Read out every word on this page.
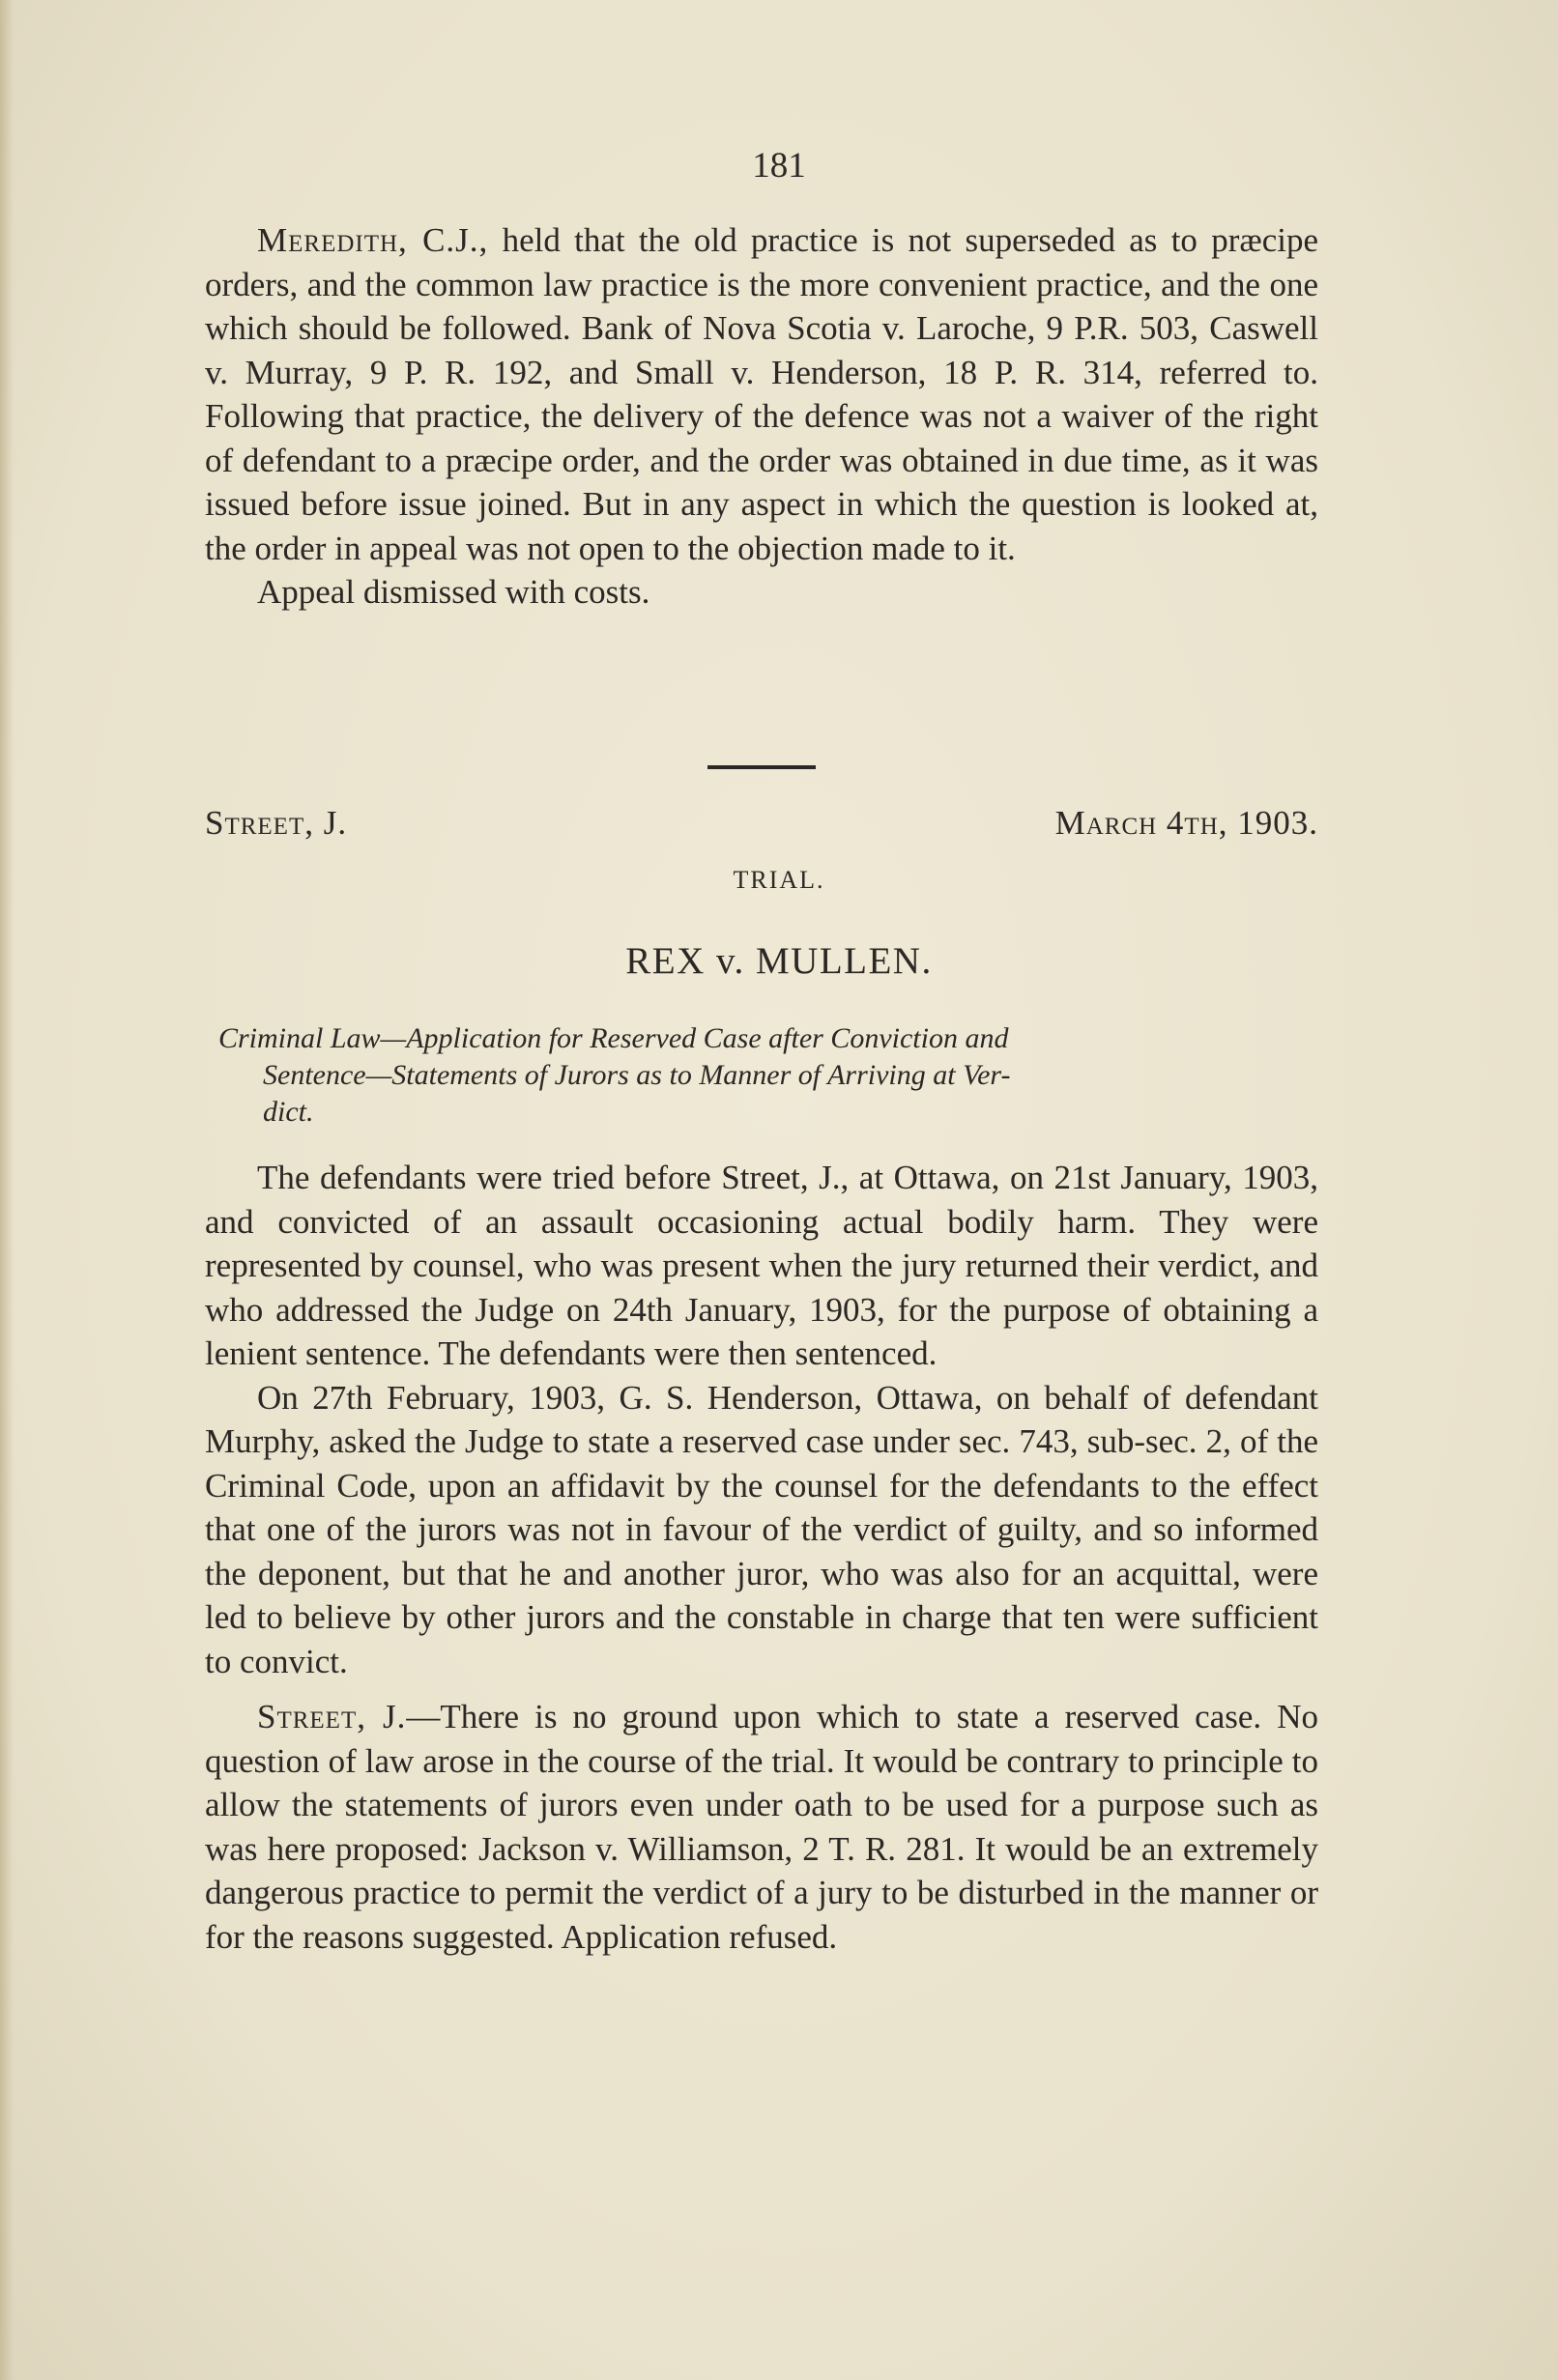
181

Meredith, C.J., held that the old practice is not superseded as to præcipe orders, and the common law practice is the more convenient practice, and the one which should be followed. Bank of Nova Scotia v. Laroche, 9 P.R. 503, Caswell v. Murray, 9 P. R. 192, and Small v. Henderson, 18 P. R. 314, referred to. Following that practice, the delivery of the defence was not a waiver of the right of defendant to a præcipe order, and the order was obtained in due time, as it was issued before issue joined. But in any aspect in which the question is looked at, the order in appeal was not open to the objection made to it.

Appeal dismissed with costs.

Street, J.	March 4th, 1903.
TRIAL.
REX v. MULLEN.
Criminal Law—Application for Reserved Case after Conviction and
Sentence—Statements of Jurors as to Manner of Arriving at Ver-
dict.

The defendants were tried before Street, J., at Ottawa, on 21st January, 1903, and convicted of an assault occasioning actual bodily harm. They were represented by counsel, who was present when the jury returned their verdict, and who addressed the Judge on 24th January, 1903, for the purpose of obtaining a lenient sentence. The defendants were then sentenced.

On 27th February, 1903, G. S. Henderson, Ottawa, on behalf of defendant Murphy, asked the Judge to state a reserved case under sec. 743, sub-sec. 2, of the Criminal Code, upon an affidavit by the counsel for the defendants to the effect that one of the jurors was not in favour of the verdict of guilty, and so informed the deponent, but that he and another juror, who was also for an acquittal, were led to believe by other jurors and the constable in charge that ten were sufficient to convict.

Street, J.—There is no ground upon which to state a reserved case. No question of law arose in the course of the trial. It would be contrary to principle to allow the statements of jurors even under oath to be used for a purpose such as was here proposed: Jackson v. Williamson, 2 T. R. 281. It would be an extremely dangerous practice to permit the verdict of a jury to be disturbed in the manner or for the reasons suggested. Application refused.
